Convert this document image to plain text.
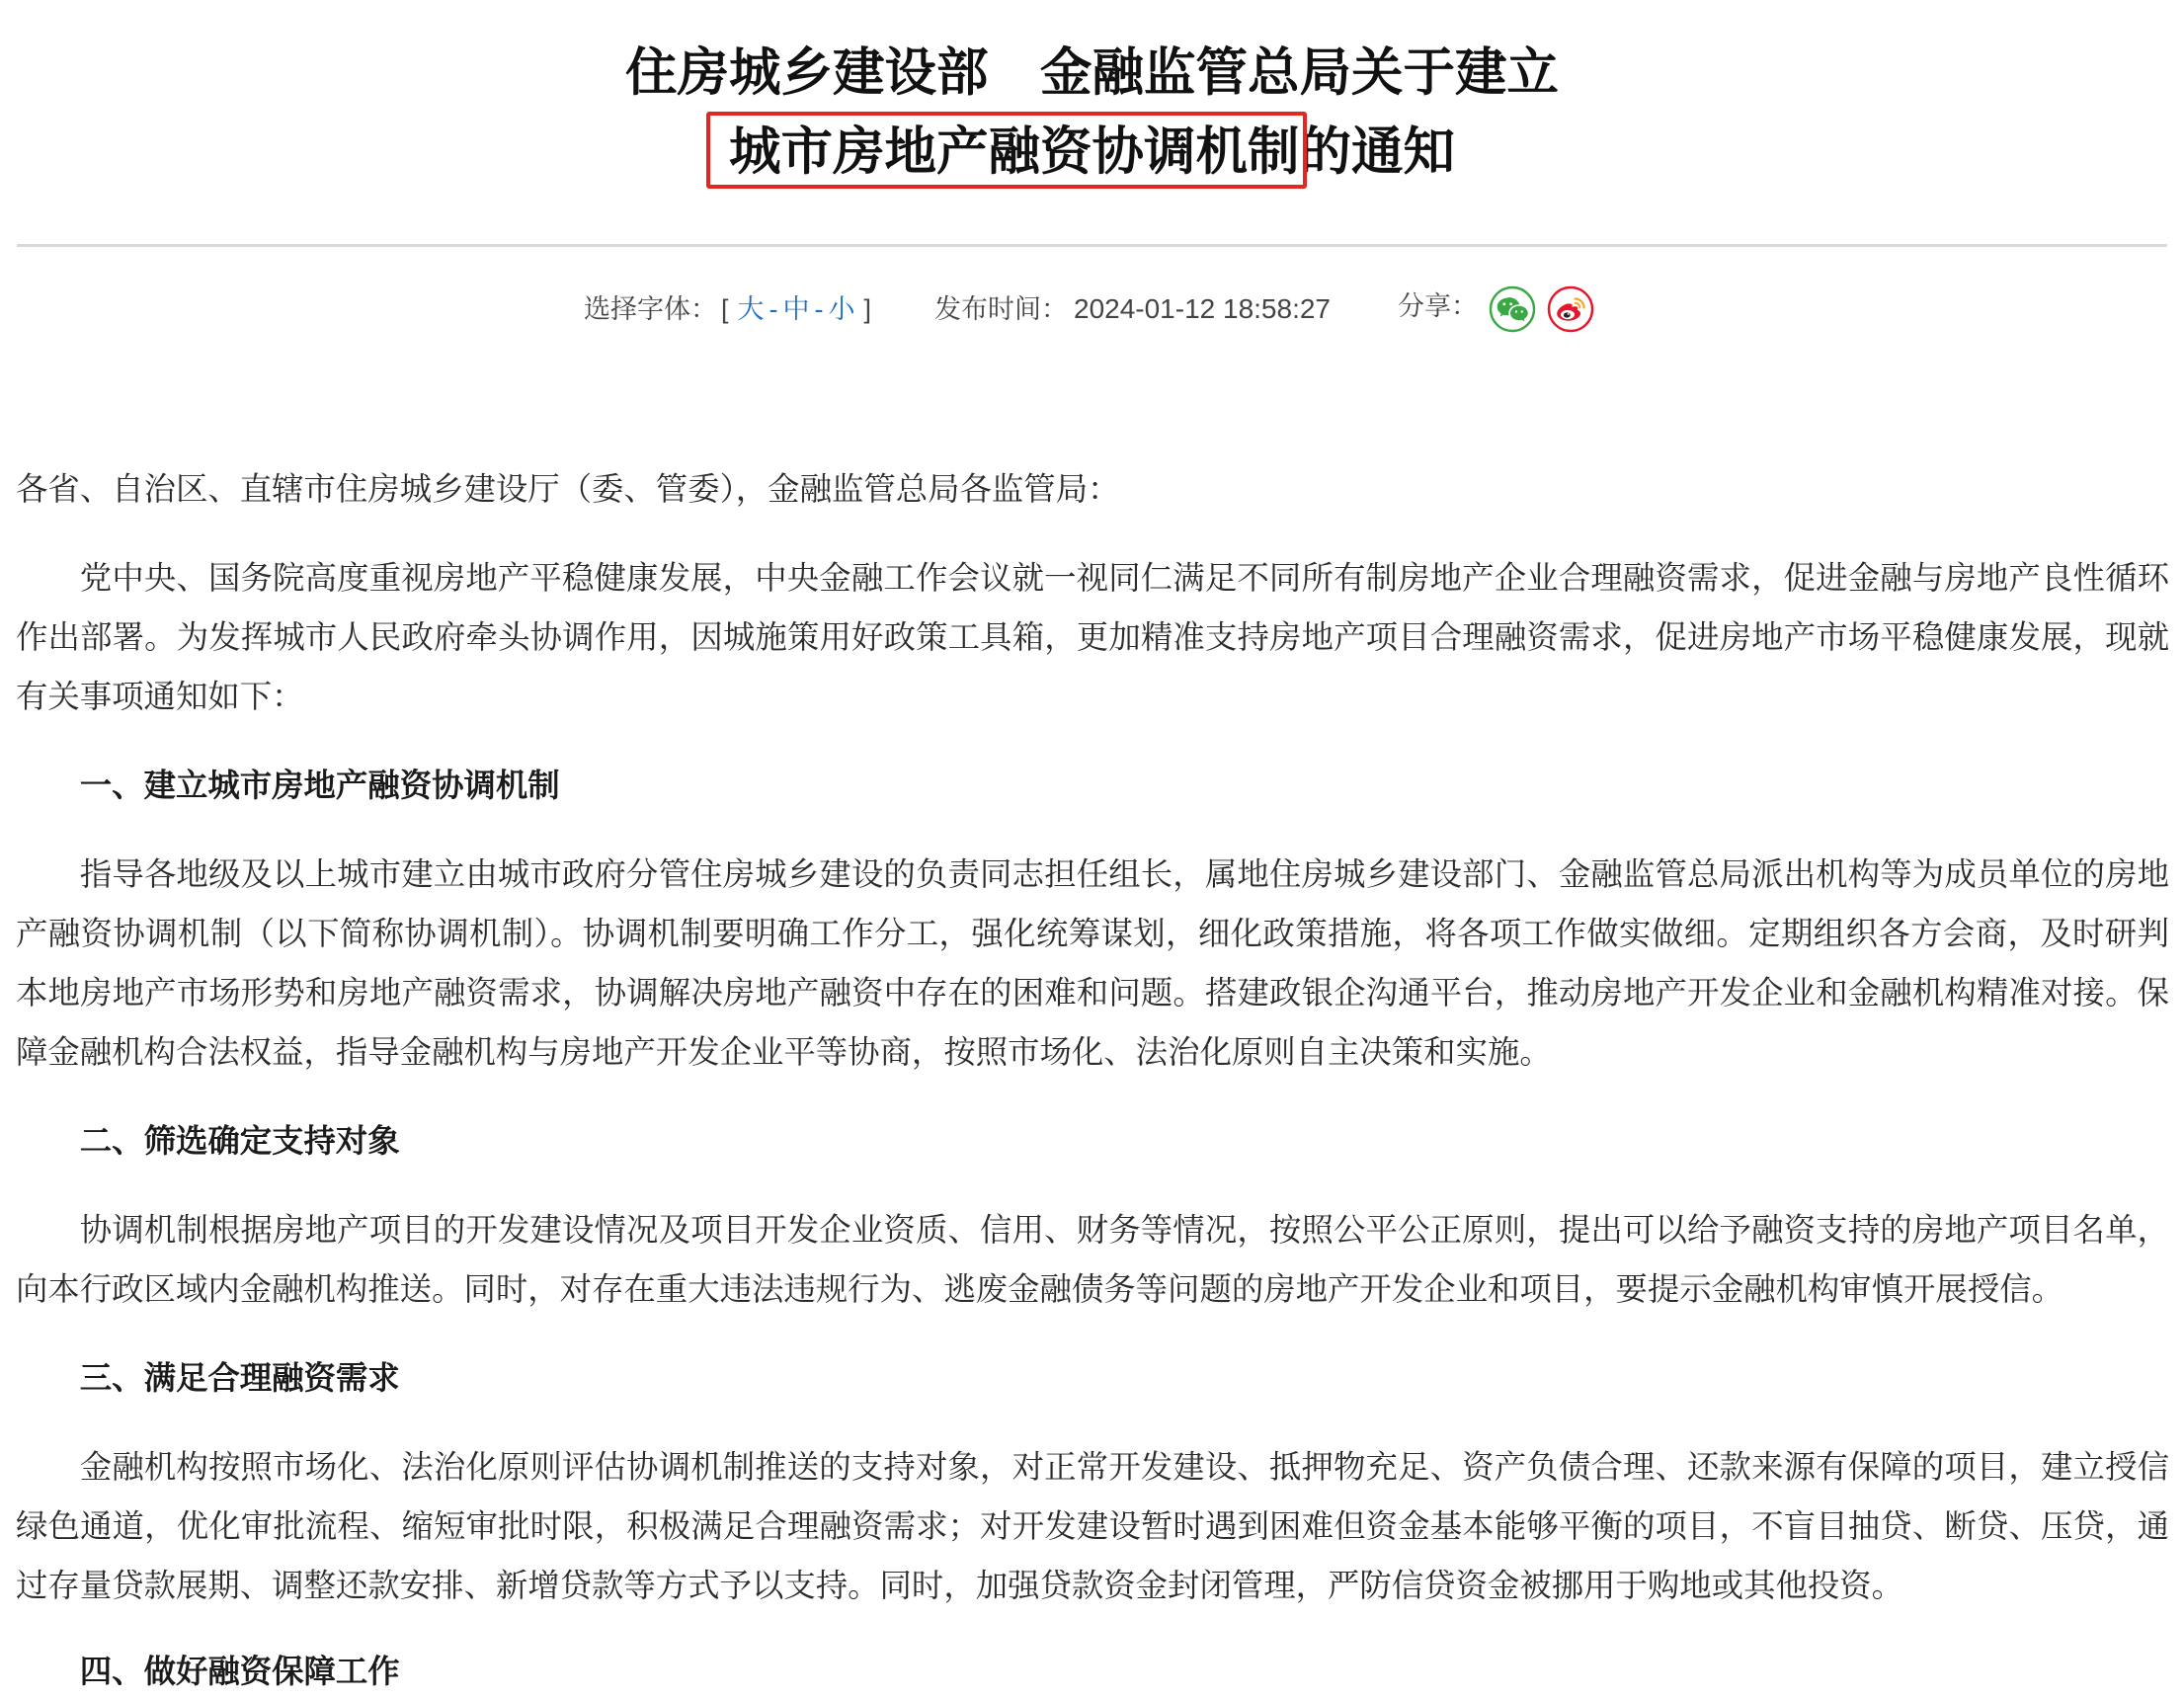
住房城乡建设部　金融监管总局关于建立
城市房地产融资协调机制
的通知
选择字体： [ 大 - 中 - 小 ] 发布时间： 2024-01-12 18:58:27	分享：

各省、自治区、直辖市住房城乡建设厅（委、管委），金融监管总局各监管局：

党中央、国务院高度重视房地产平稳健康发展，中央金融工作会议就一视同仁满足不同所有制房地产企业合理融资需求，促进金融与房地产良性循环作出部署。为发挥城市人民政府牵头协调作用，因城施策用好政策工具箱，更加精准支持房地产项目合理融资需求，促进房地产市场平稳健康发展，现就有关事项通知如下：

一、建立城市房地产融资协调机制

指导各地级及以上城市建立由城市政府分管住房城乡建设的负责同志担任组长，属地住房城乡建设部门、金融监管总局派出机构等为成员单位的房地产融资协调机制（以下简称协调机制）。协调机制要明确工作分工，强化统筹谋划，细化政策措施，将各项工作做实做细。定期组织各方会商，及时研判本地房地产市场形势和房地产融资需求，协调解决房地产融资中存在的困难和问题。搭建政银企沟通平台，推动房地产开发企业和金融机构精准对接。保障金融机构合法权益，指导金融机构与房地产开发企业平等协商，按照市场化、法治化原则自主决策和实施。

二、筛选确定支持对象

协调机制根据房地产项目的开发建设情况及项目开发企业资质、信用、财务等情况，按照公平公正原则，提出可以给予融资支持的房地产项目名单，向本行政区域内金融机构推送。同时，对存在重大违法违规行为、逃废金融债务等问题的房地产开发企业和项目，要提示金融机构审慎开展授信。

三、满足合理融资需求

金融机构按照市场化、法治化原则评估协调机制推送的支持对象，对正常开发建设、抵押物充足、资产负债合理、还款来源有保障的项目，建立授信绿色通道，优化审批流程、缩短审批时限，积极满足合理融资需求；对开发建设暂时遇到困难但资金基本能够平衡的项目，不盲目抽贷、断贷、压贷，通过存量贷款展期、调整还款安排、新增贷款等方式予以支持。同时，加强贷款资金封闭管理，严防信贷资金被挪用于购地或其他投资。

四、做好融资保障工作
